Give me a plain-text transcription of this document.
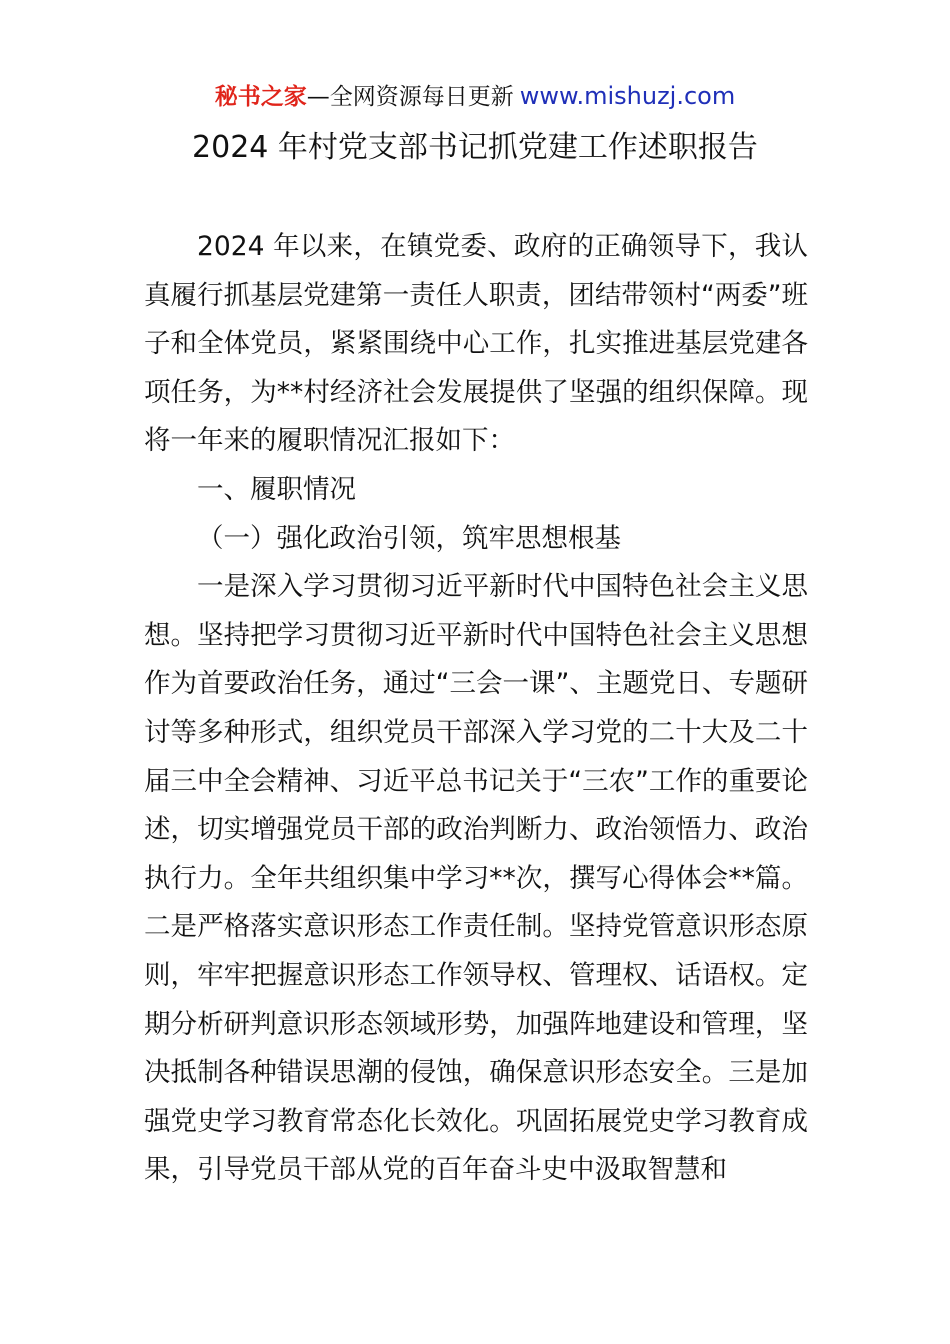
秘书之家—全网资源每日更新 www.mishuzj.com
2024 年村党支部书记抓党建工作述职报告

2024 年以来，在镇党委、政府的正确领导下，我认真履行抓基层党建第一责任人职责，团结带领村“两委”班子和全体党员，紧紧围绕中心工作，扎实推进基层党建各项任务，为**村经济社会发展提供了坚强的组织保障。现将一年来的履职情况汇报如下：

一、履职情况

（一）强化政治引领，筑牢思想根基

一是深入学习贯彻习近平新时代中国特色社会主义思想。坚持把学习贯彻习近平新时代中国特色社会主义思想作为首要政治任务，通过“三会一课”、主题党日、专题研讨等多种形式，组织党员干部深入学习党的二十大及二十届三中全会精神、习近平总书记关于“三农”工作的重要论述，切实增强党员干部的政治判断力、政治领悟力、政治执行力。全年共组织集中学习**次，撰写心得体会**篇。二是严格落实意识形态工作责任制。坚持党管意识形态原则，牢牢把握意识形态工作领导权、管理权、话语权。定期分析研判意识形态领域形势，加强阵地建设和管理，坚决抵制各种错误思潮的侵蚀，确保意识形态安全。三是加强党史学习教育常态化长效化。巩固拓展党史学习教育成果，引导党员干部从党的百年奋斗史中汲取智慧和
